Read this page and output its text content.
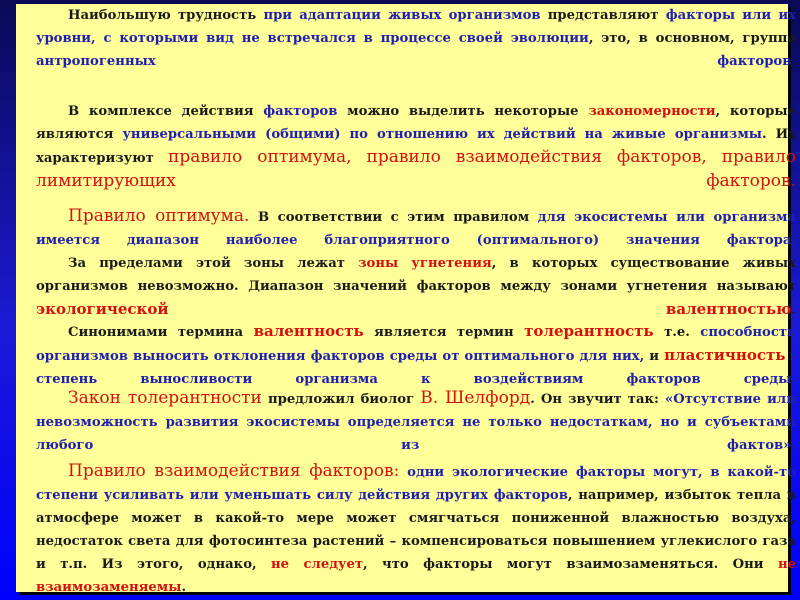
Наибольшую трудность при адаптации живых организмов представляют факторы или их уровни, с которыми вид не встречался в процессе своей эволюции, это, в основном, группа антропогенных факторов.

В комплексе действия факторов можно выделить некоторые закономерности, которые являются универсальными (общими) по отношению их действий на живые организмы. Их характеризуют правило оптимума, правило взаимодействия факторов, правило лимитирующих факторов.

Правило оптимума. В соответствии с этим правилом для экосистемы или организма имеется диапазон наиболее благоприятного (оптимального) значения фактора.

За пределами этой зоны лежат зоны угнетения, в которых существование живых организмов невозможно. Диапазон значений факторов между зонами угнетения называют экологической валентностью.

Синонимами термина валентность является термин толерантность т.е. способность организмов выносить отклонения факторов среды от оптимального для них, и пластичность - степень выносливости организма к воздействиям факторов среды.

Закон толерантности предложил биолог В. Шелфорд. Он звучит так: «Отсутствие или невозможность развития экосистемы определяется не только недостаткам, но и субъектами любого из фактов».

Правило взаимодействия факторов: одни экологические факторы могут, в какой-то степени усиливать или уменьшать силу действия других факторов, например, избыток тепла в атмосфере может в какой-то мере может смягчаться пониженной влажностью воздуха, недостаток света для фотосинтеза растений – компенсироваться повышением углекислого газа и т.п. Из этого, однако, не следует, что факторы могут взаимозаменяться. Они не взаимозаменяемы.
